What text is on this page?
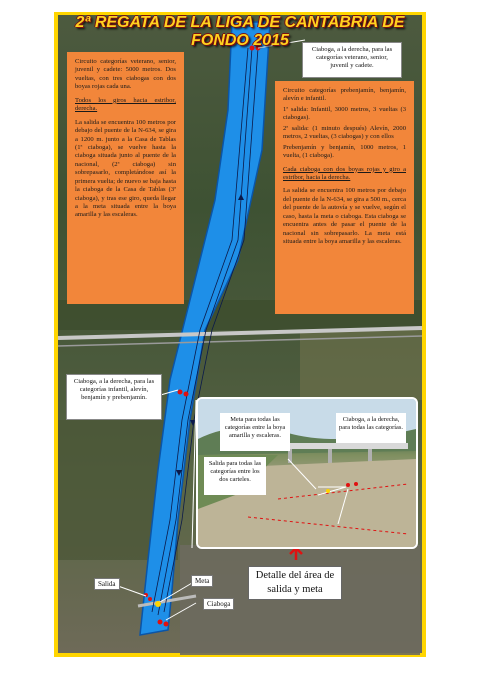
2ª REGATA DE LA LIGA DE CANTABRIA DE FONDO 2015

Circuito categorías veterano, senior, juvenil y cadete: 5000 metros. Dos vueltas, con tres ciabogas con dos boyas rojas cada una.

Todos los giros hacia estribor, derecha.

La salida se encuentra 100 metros por debajo del puente de la N-634, se gira a 1200 m. junto a la Casa de Tablas (1ª ciaboga), se vuelve hasta la ciaboga situada junto al puente de la nacional, (2ª ciaboga) sin sobrepasarlo, completándose así la primera vuelta; de nuevo se baja hasta la ciaboga de la Casa de Tablas (3ª ciaboga), y tras ese giro, queda llegar a la meta situada entre la boya amarilla y las escaleras.

Circuito categorías prebenjamín, benjamín, alevín e infantil.

1ª salida: Infantil, 3000 metros, 3 vueltas (3 ciabogas).

2ª salida: (1 minuto después) Alevín, 2000 metros, 2 vueltas, (3 ciabogas) y con ellos

Prebenjamín y benjamín, 1000 metros, 1 vuelta, (1 ciaboga).

Cada ciaboga con dos boyas rojas y giro a estribor, hacia la derecha.

La salida se encuentra 100 metros por debajo del puente de la N-634, se gira a 500 m., cerca del puente de la autovía y se vuelve, según el caso, hasta la meta o ciaboga. Esta ciaboga se encuentra antes de pasar el puente de la nacional sin sobrepasarlo. La meta está situada entre la boya amarilla y las escaleras.

Ciaboga, a la derecha, para las categorías veterano, senior, juvenil y cadete.
Ciaboga, a la derecha, para las categorías infantil, alevín, benjamín y prebenjamín.
Salida	Meta
Ciaboga
Meta para todas las categorías entre la boya amarilla y escaleras.
Ciaboga, a la derecha, para todas las categorías.
Salida para todas las categorías entre los dos carteles.
Detalle del área de salida y meta
